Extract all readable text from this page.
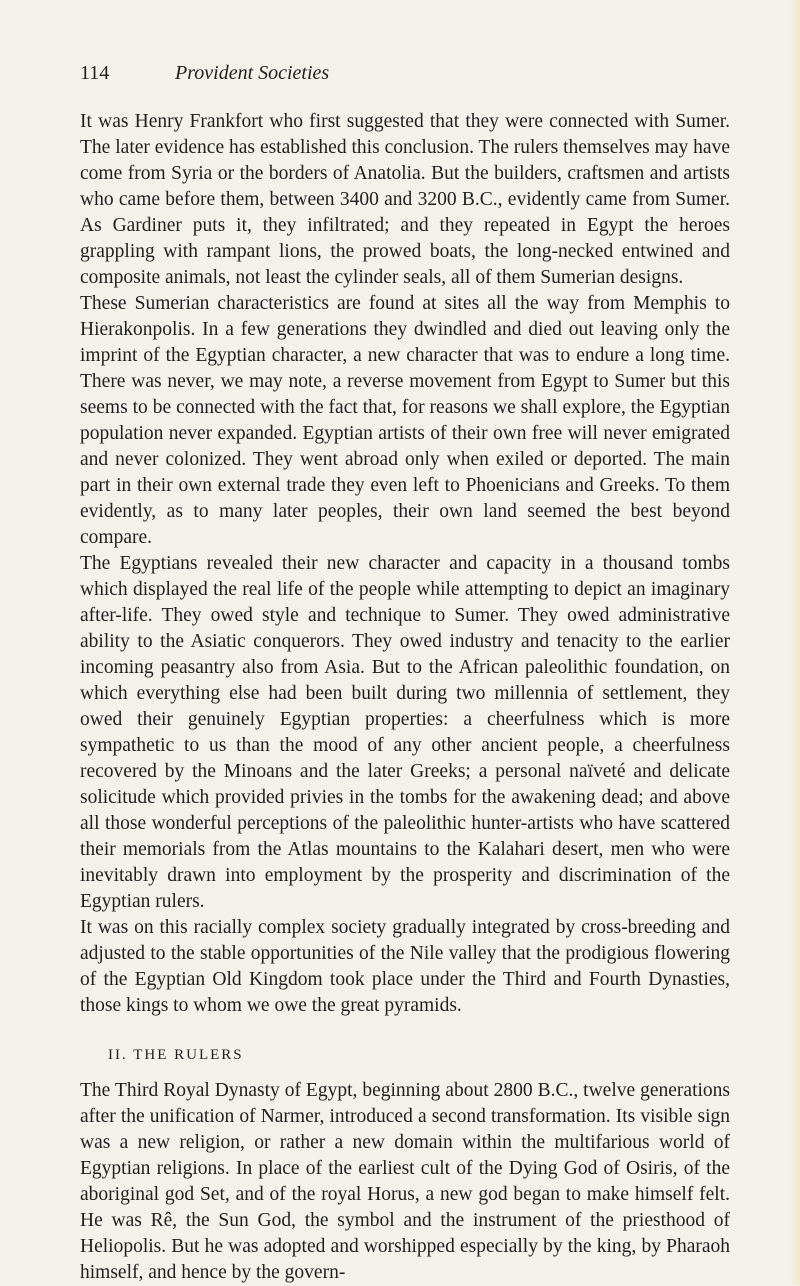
114	Provident Societies

It was Henry Frankfort who first suggested that they were connected with Sumer. The later evidence has established this conclusion. The rulers themselves may have come from Syria or the borders of Anatolia. But the builders, craftsmen and artists who came before them, between 3400 and 3200 B.C., evidently came from Sumer. As Gardiner puts it, they infiltrated; and they repeated in Egypt the heroes grappling with rampant lions, the prowed boats, the long-necked entwined and composite animals, not least the cylinder seals, all of them Sumerian designs.

These Sumerian characteristics are found at sites all the way from Memphis to Hierakonpolis. In a few generations they dwindled and died out leaving only the imprint of the Egyptian character, a new character that was to endure a long time. There was never, we may note, a reverse movement from Egypt to Sumer but this seems to be connected with the fact that, for reasons we shall explore, the Egyptian population never expanded. Egyptian artists of their own free will never emigrated and never colonized. They went abroad only when exiled or deported. The main part in their own external trade they even left to Phoenicians and Greeks. To them evidently, as to many later peoples, their own land seemed the best beyond compare.

The Egyptians revealed their new character and capacity in a thousand tombs which displayed the real life of the people while attempting to depict an imaginary after-life. They owed style and technique to Sumer. They owed administrative ability to the Asiatic conquerors. They owed industry and tenacity to the earlier incoming peasantry also from Asia. But to the African paleolithic foundation, on which everything else had been built during two millennia of settlement, they owed their genuinely Egyptian properties: a cheerfulness which is more sympathetic to us than the mood of any other ancient people, a cheerfulness recovered by the Minoans and the later Greeks; a personal naïveté and delicate solicitude which provided privies in the tombs for the awakening dead; and above all those wonderful perceptions of the paleolithic hunter-artists who have scattered their memorials from the Atlas mountains to the Kalahari desert, men who were inevitably drawn into employment by the prosperity and discrimination of the Egyptian rulers.

It was on this racially complex society gradually integrated by cross-breeding and adjusted to the stable opportunities of the Nile valley that the prodigious flowering of the Egyptian Old Kingdom took place under the Third and Fourth Dynasties, those kings to whom we owe the great pyramids.

II. THE RULERS

The Third Royal Dynasty of Egypt, beginning about 2800 B.C., twelve generations after the unification of Narmer, introduced a second transformation. Its visible sign was a new religion, or rather a new domain within the multifarious world of Egyptian religions. In place of the earliest cult of the Dying God of Osiris, of the aboriginal god Set, and of the royal Horus, a new god began to make himself felt. He was Rê, the Sun God, the symbol and the instrument of the priesthood of Heliopolis. But he was adopted and worshipped especially by the king, by Pharaoh himself, and hence by the govern-
